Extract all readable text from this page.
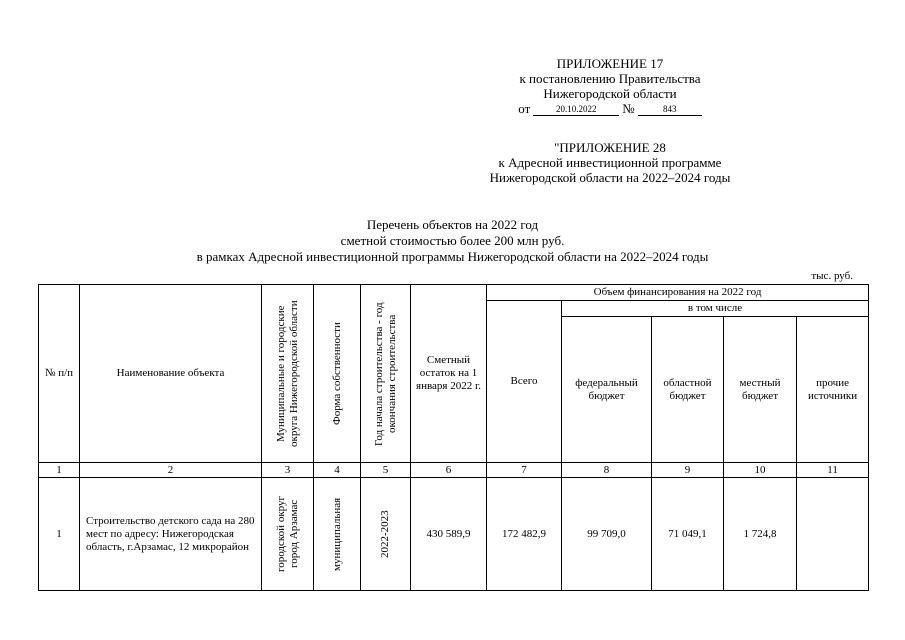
ПРИЛОЖЕНИЕ 17
к постановлению Правительства
Нижегородской области
от	20.10.2022	№	843
"ПРИЛОЖЕНИЕ 28
к Адресной инвестиционной программе
Нижегородской области на 2022–2024 годы
Перечень объектов на 2022 год
сметной стоимостью более 200 млн руб.
в рамках Адресной инвестиционной программы Нижегородской области на 2022–2024 годы
тыс. руб.
№ п/п	Наименование объекта	Муниципальные и городские округа Нижегородской области	Форма собственности	Год начала строительства - год окончания строительства	Сметный остаток на 1 января 2022 г.	Объем финансирования на 2022 год				
						Всего	в том числе			
							федеральный бюджет	областной бюджет	местный бюджет	прочие источники
1	2	3	4	5	6	7	8	9	10	11
1	Строительство детского сада на 280 мест по адресу: Нижегородская область, г.Арзамас, 12 микрорайон	городской округ город Арзамас	муниципальная	2022-2023	430 589,9	172 482,9	99 709,0	71 049,1	1 724,8	
